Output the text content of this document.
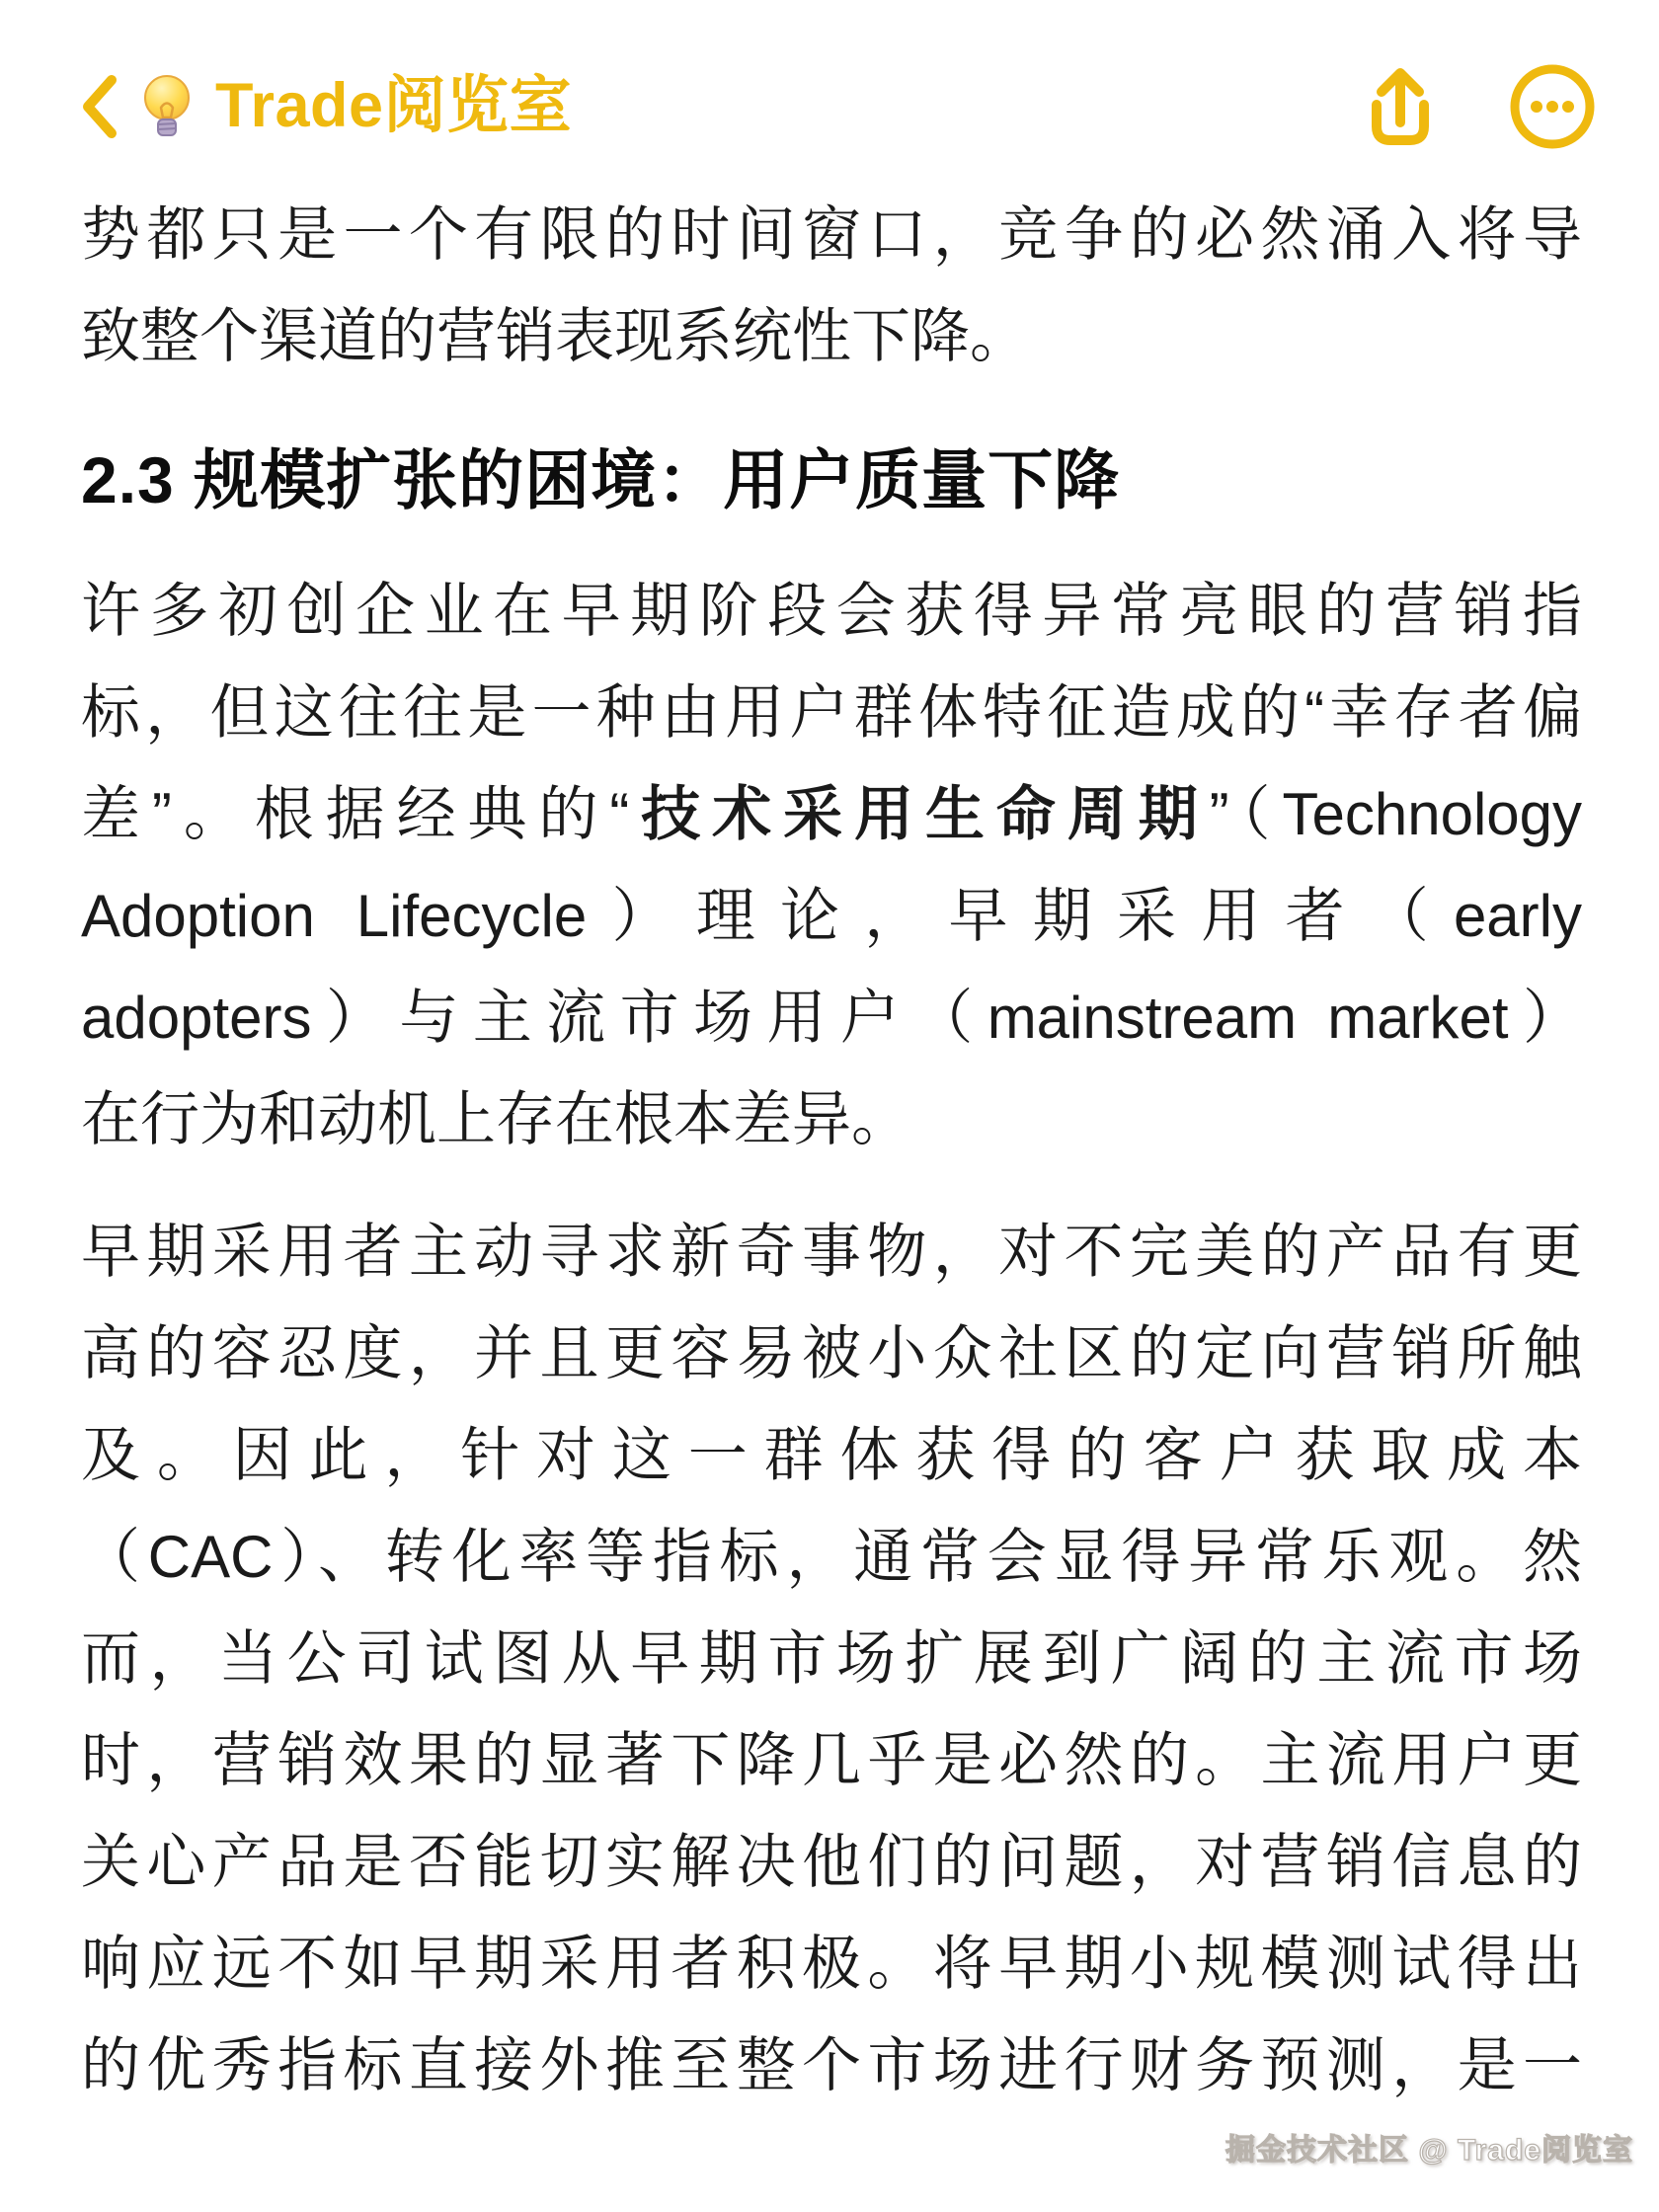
Trade阅览室

势都只是一个有限的时间窗口，竞争的必然涌入将导
致整个渠道的营销表现系统性下降。

2.3 规模扩张的困境：用户质量下降

许多初创企业在早期阶段会获得异常亮眼的营销指
标，但这往往是一种由用户群体特征造成的“幸存者偏
差”。根据经典的“技术采用生命周期”（Technology
Adoption Lifecycle）理论，早期采用者（early
adopters）与主流市场用户（mainstream market）
在行为和动机上存在根本差异。

早期采用者主动寻求新奇事物，对不完美的产品有更
高的容忍度，并且更容易被小众社区的定向营销所触
及。因此，针对这一群体获得的客户获取成本
（CAC）、转化率等指标，通常会显得异常乐观。然
而，当公司试图从早期市场扩展到广阔的主流市场
时，营销效果的显著下降几乎是必然的。主流用户更
关心产品是否能切实解决他们的问题，对营销信息的
响应远不如早期采用者积极。将早期小规模测试得出
的优秀指标直接外推至整个市场进行财务预测，是一

掘金技术社区 @ Trade阅览室
